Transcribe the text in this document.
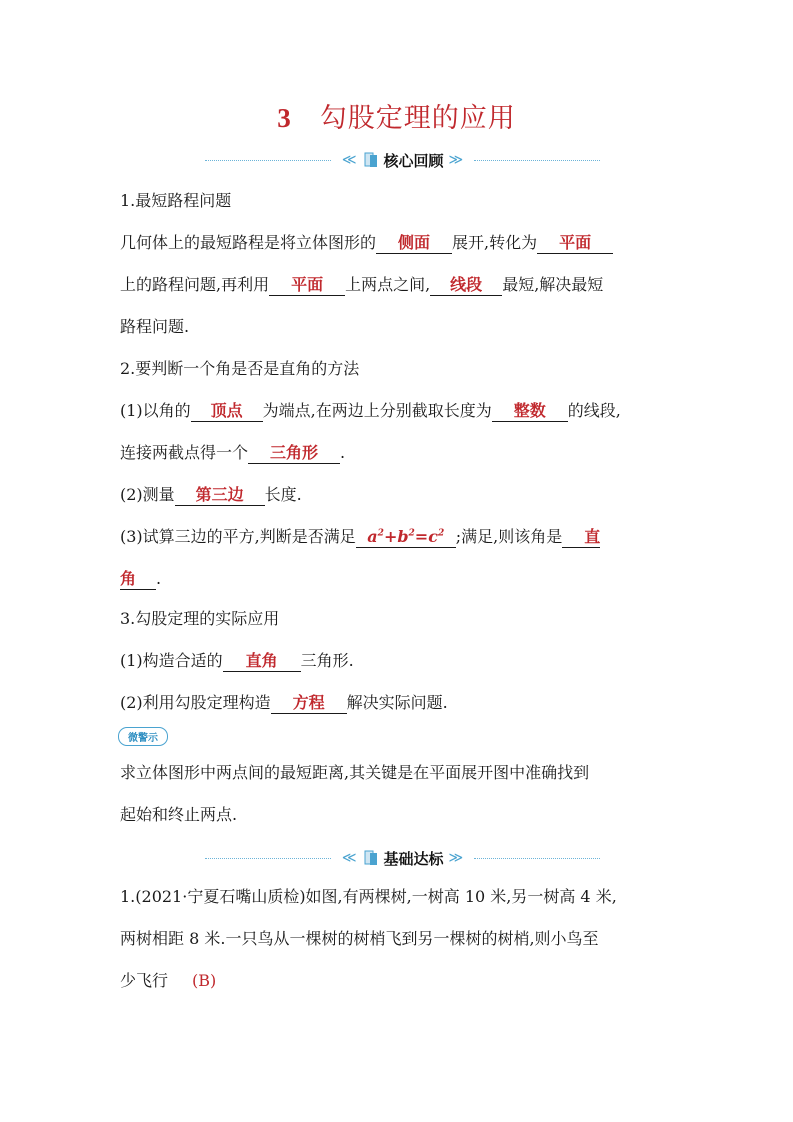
3 勾股定理的应用
≪ 核心回顾 ≫
1.最短路程问题
几何体上的最短路程是将立体图形的 侧面 展开,转化为 平面
上的路程问题,再利用 平面 上两点之间, 线段 最短,解决最短
路程问题.
2.要判断一个角是否是直角的方法
(1)以角的 顶点 为端点,在两边上分别截取长度为 整数 的线段,
连接两截点得一个 三角形 .
(2)测量 第三边 长度.
(3)试算三边的平方,判断是否满足 $a^2+b^2=c^2$ ;满足,则该角是 直
角 .
3.勾股定理的实际应用
(1)构造合适的 直角 三角形.
(2)利用勾股定理构造 方程 解决实际问题.
微警示
求立体图形中两点间的最短距离,其关键是在平面展开图中准确找到
起始和终止两点.
≪ 基础达标 ≫
1.(2021·宁夏石嘴山质检)如图,有两棵树,一树高 10 米,另一树高 4 米,
两树相距 8 米.一只鸟从一棵树的树梢飞到另一棵树的树梢,则小鸟至
少飞行 (B)
